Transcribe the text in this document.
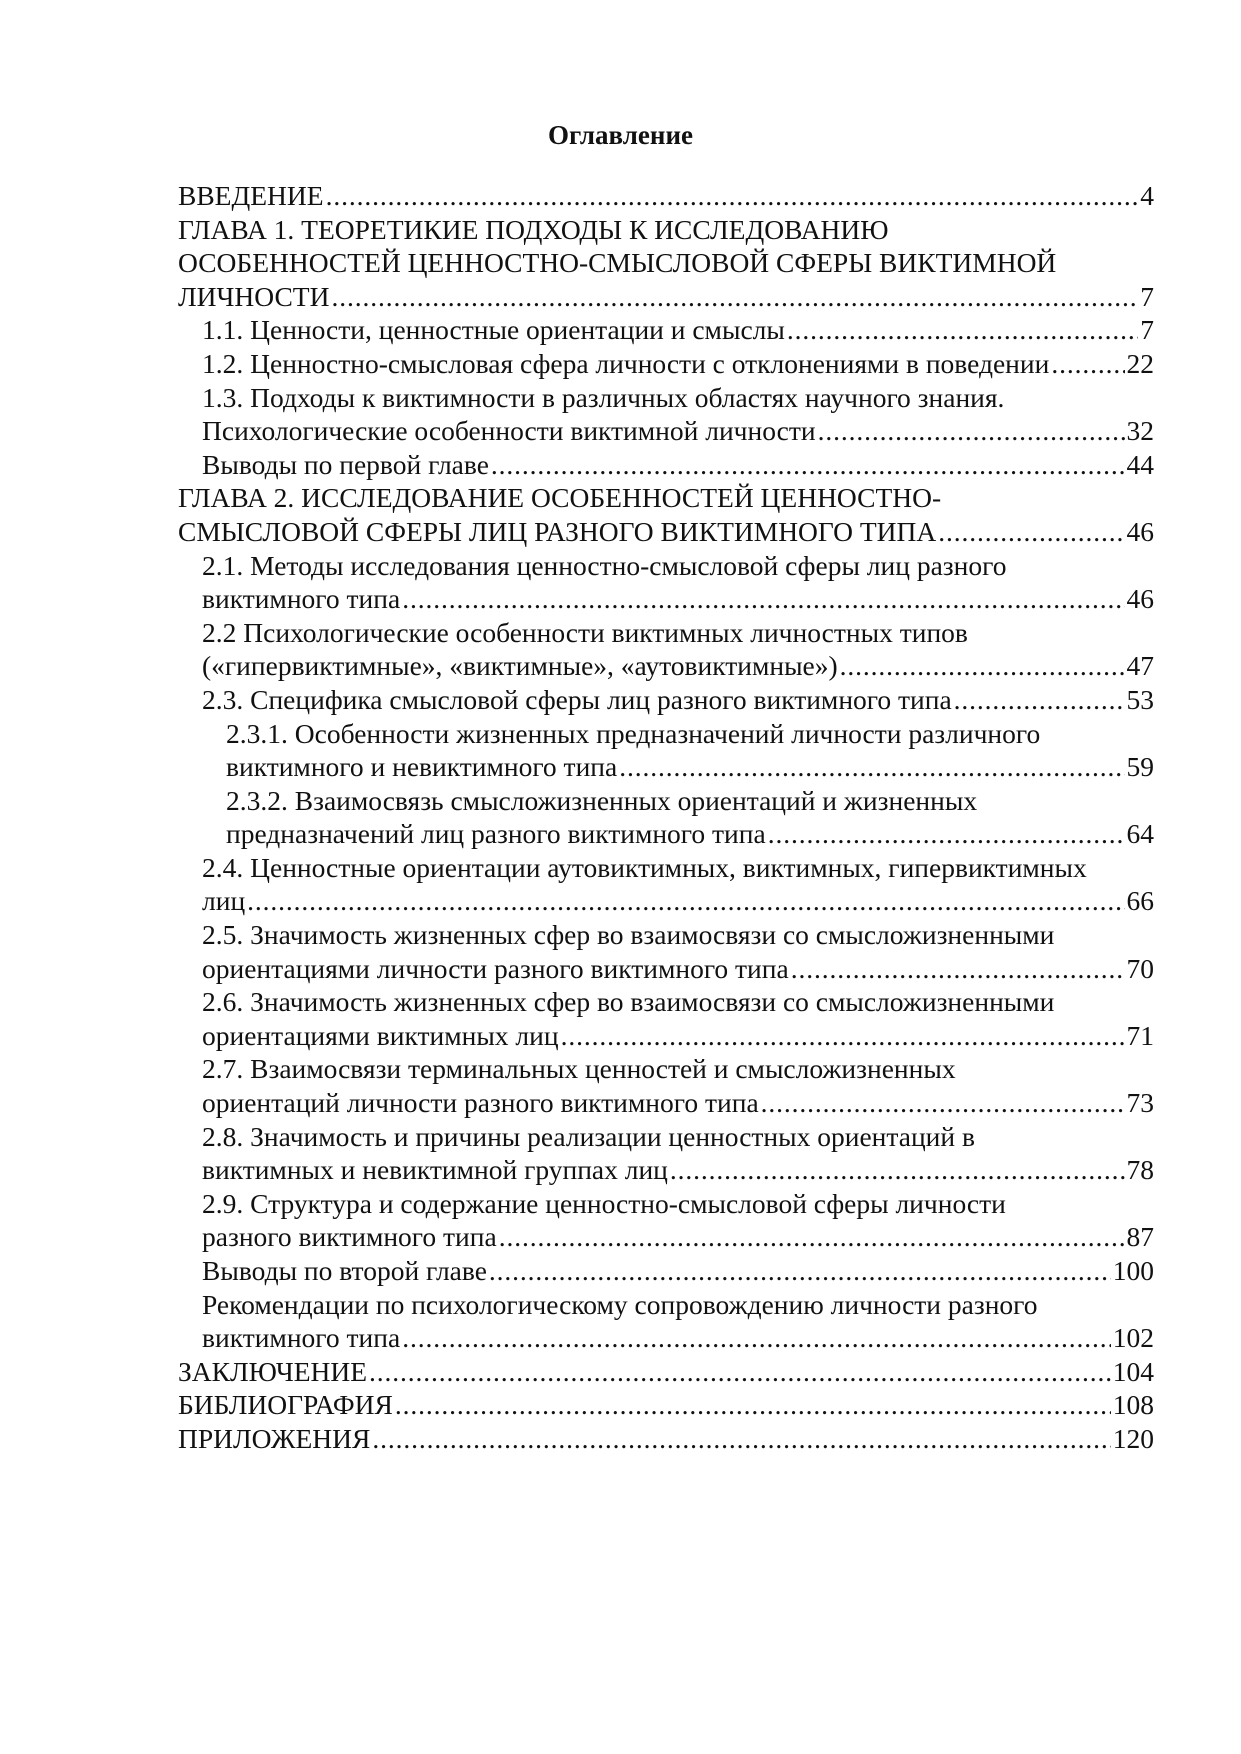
Оглавление
ВВЕДЕНИЕ . . .	4
ГЛАВА 1. ТЕОРЕТИКИЕ ПОДХОДЫ К ИССЛЕДОВАНИЮ
ОСОБЕННОСТЕЙ ЦЕННОСТНО-СМЫСЛОВОЙ СФЕРЫ ВИКТИМНОЙ
ЛИЧНОСТИ . . .	7
1.1. Ценности, ценностные ориентации и смыслы . . .	7
1.2. Ценностно-смысловая сфера личности с отклонениями в поведении . . .	22
1.3. Подходы к виктимности в различных областях научного знания.
Психологические особенности виктимной личности . . .	32
Выводы по первой главе . . .	44
ГЛАВА 2. ИССЛЕДОВАНИЕ ОСОБЕННОСТЕЙ ЦЕННОСТНО-
СМЫСЛОВОЙ СФЕРЫ ЛИЦ РАЗНОГО ВИКТИМНОГО ТИПА . . .	46
2.1. Методы исследования ценностно-смысловой сферы лиц разного
виктимного типа . . .	46
2.2 Психологические особенности виктимных личностных типов
(«гипервиктимные», «виктимные», «аутовиктимные») . . .	47
2.3. Специфика смысловой сферы лиц разного виктимного типа . . .	53
2.3.1. Особенности жизненных предназначений личности различного
виктимного и невиктимного типа . . .	59
2.3.2. Взаимосвязь смысложизненных ориентаций и жизненных
предназначений лиц разного виктимного типа . . .	64
2.4. Ценностные ориентации аутовиктимных, виктимных, гипервиктимных
лиц . . .	66
2.5. Значимость жизненных сфер во взаимосвязи со смысложизненными
ориентациями личности разного виктимного типа . . .	70
2.6. Значимость жизненных сфер во взаимосвязи со смысложизненными
ориентациями виктимных лиц . . .	71
2.7. Взаимосвязи терминальных ценностей и смысложизненных
ориентаций личности разного виктимного типа . . .	73
2.8. Значимость и причины реализации ценностных ориентаций в
виктимных и невиктимной группах лиц . . .	78
2.9. Структура и содержание ценностно-смысловой сферы личности
разного виктимного типа . . .	87
Выводы по второй главе . . .	100
Рекомендации по психологическому сопровождению личности разного
виктимного типа . . .	102
ЗАКЛЮЧЕНИЕ . . .	104
БИБЛИОГРАФИЯ . . .	108
ПРИЛОЖЕНИЯ . . .	120
